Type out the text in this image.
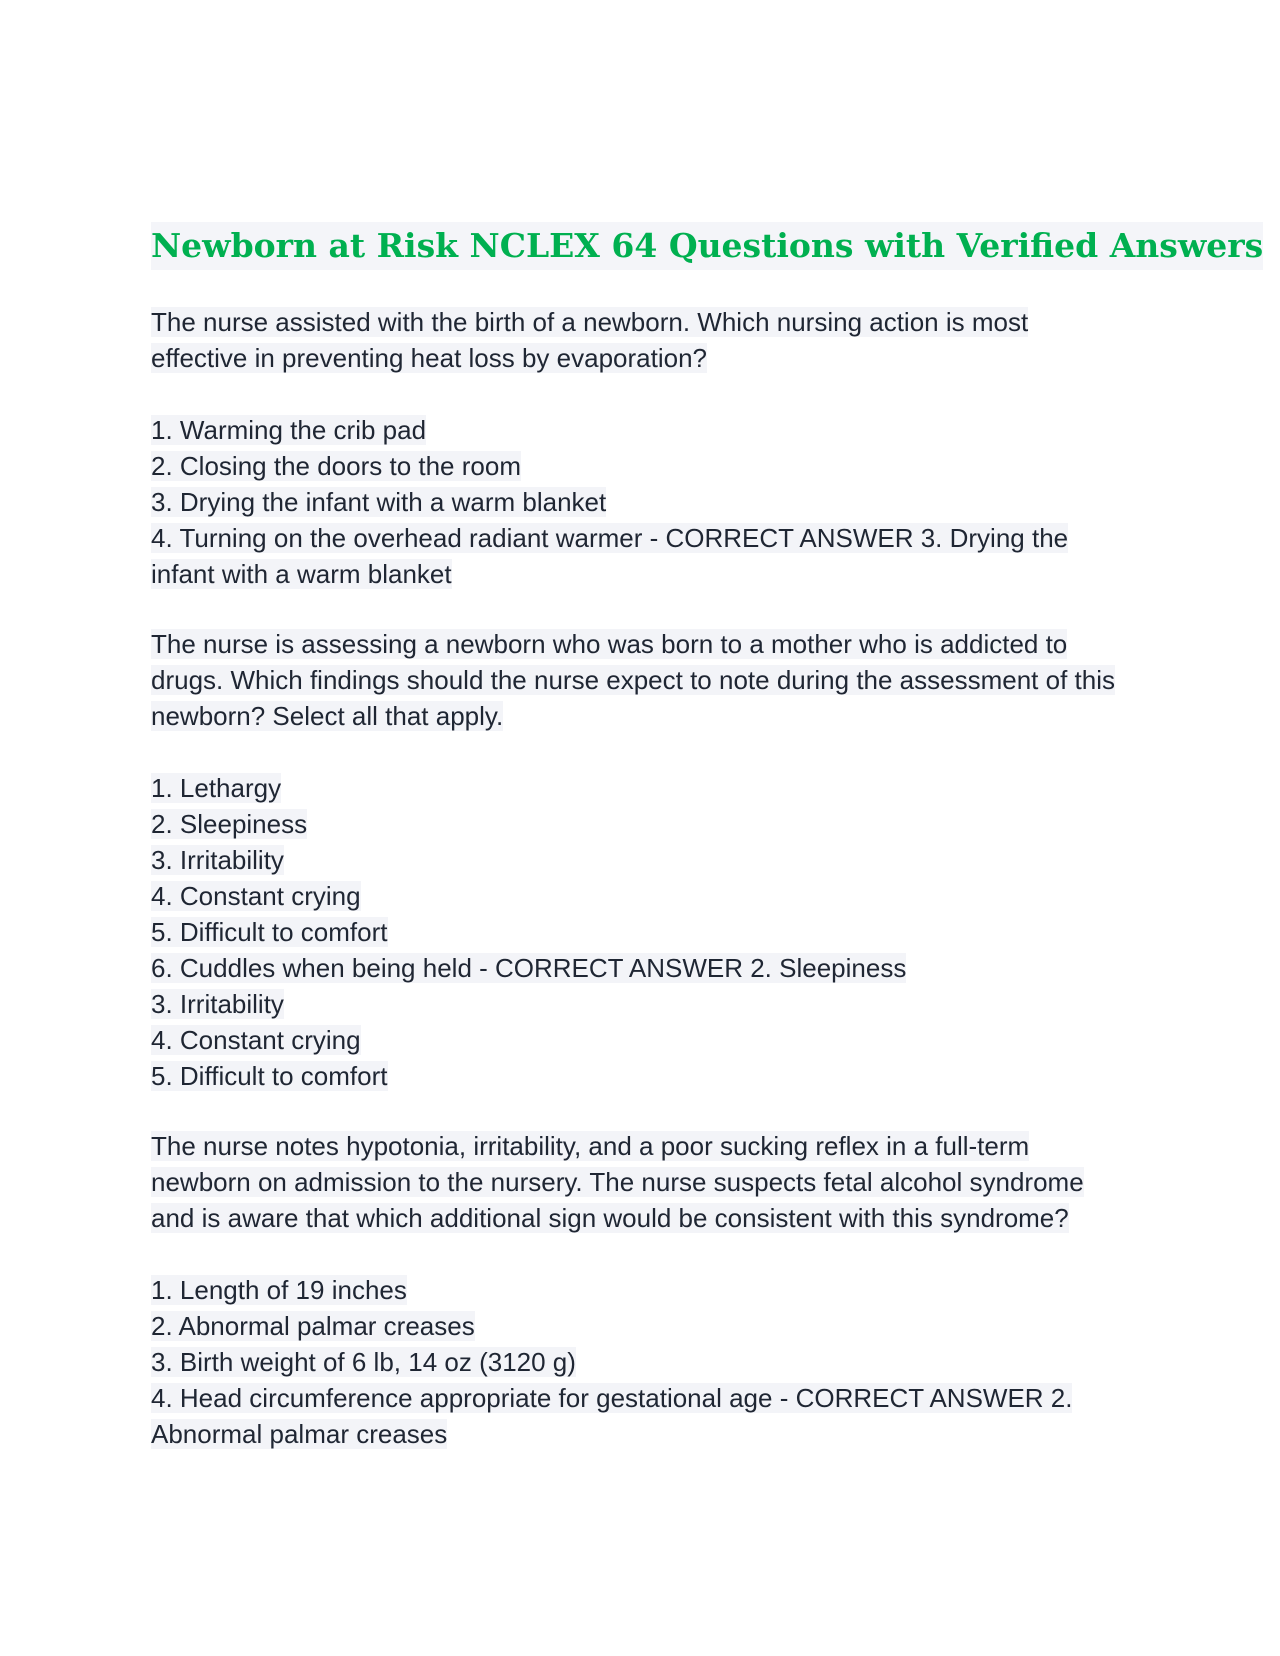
Newborn at Risk NCLEX 64 Questions with Verified Answers
The nurse assisted with the birth of a newborn. Which nursing action is most effective in preventing heat loss by evaporation?
1. Warming the crib pad
2. Closing the doors to the room
3. Drying the infant with a warm blanket
4. Turning on the overhead radiant warmer - CORRECT ANSWER 3. Drying the
infant with a warm blanket
The nurse is assessing a newborn who was born to a mother who is addicted to drugs. Which findings should the nurse expect to note during the assessment of this newborn? Select all that apply.
1. Lethargy
2. Sleepiness
3. Irritability
4. Constant crying
5. Difficult to comfort
6. Cuddles when being held - CORRECT ANSWER 2. Sleepiness
3. Irritability
4. Constant crying
5. Difficult to comfort
The nurse notes hypotonia, irritability, and a poor sucking reflex in a full-term newborn on admission to the nursery. The nurse suspects fetal alcohol syndrome and is aware that which additional sign would be consistent with this syndrome?
1. Length of 19 inches
2. Abnormal palmar creases
3. Birth weight of 6 lb, 14 oz (3120 g)
4. Head circumference appropriate for gestational age - CORRECT ANSWER 2.
Abnormal palmar creases
